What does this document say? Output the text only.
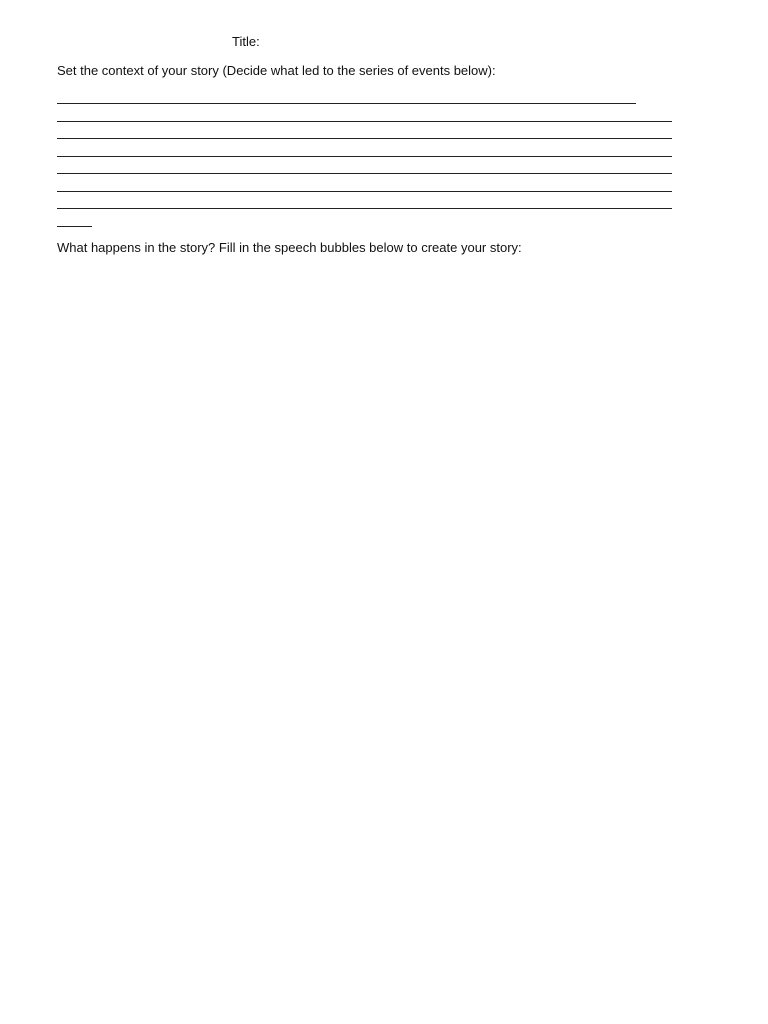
Title:
Set the context of your story (Decide what led to the series of events below):
What happens in the story? Fill in the speech bubbles below to create your story:
